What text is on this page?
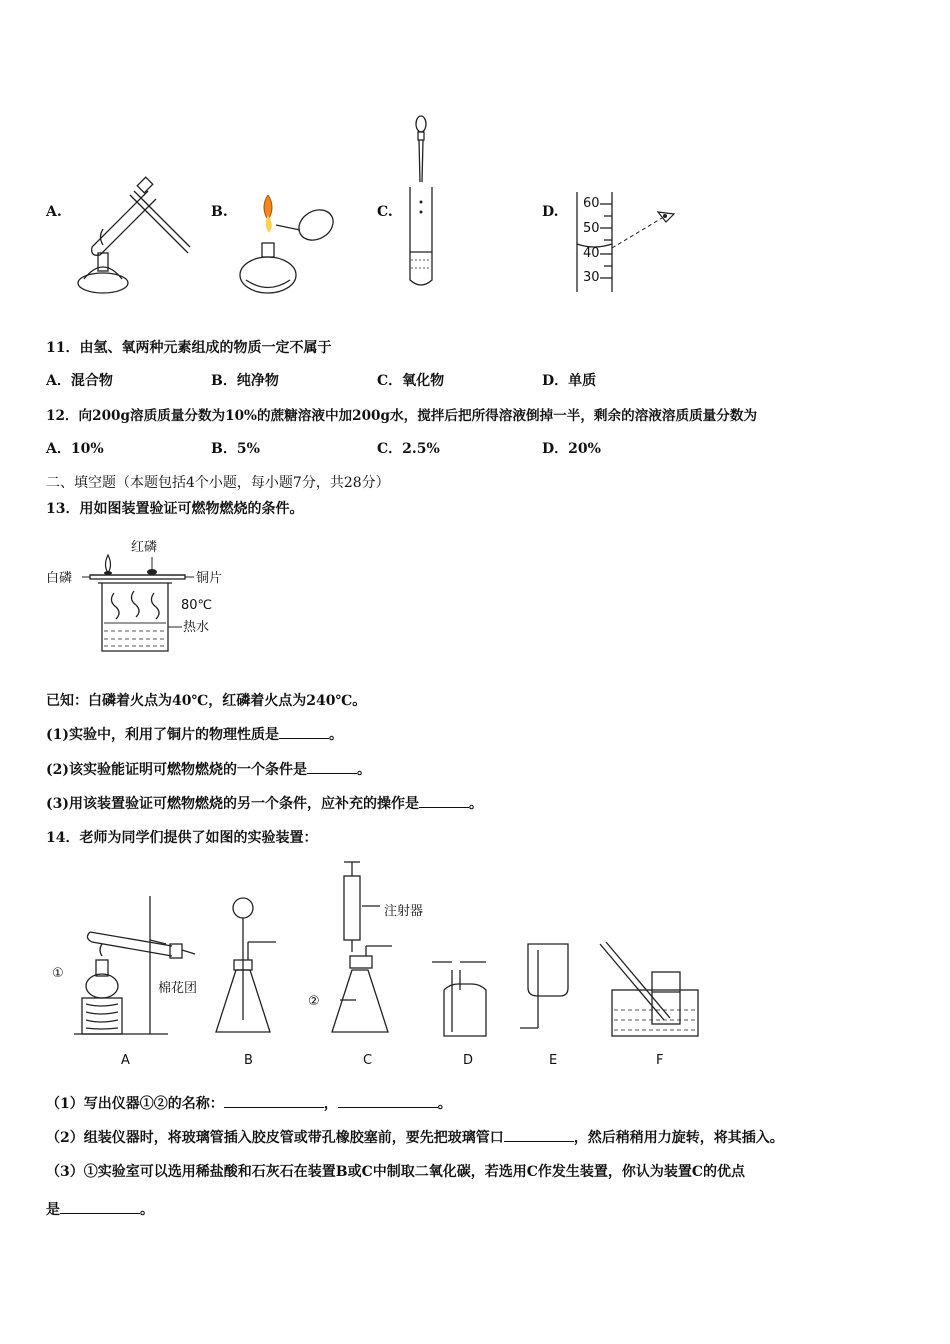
A.	B.	C.	D.
60
50
40
30
11．由氢、氧两种元素组成的物质一定不属于
A．混合物	B．纯净物	C．氧化物	D．单质
12．向200g溶质质量分数为10%的蔗糖溶液中加200g水，搅拌后把所得溶液倒掉一半，剩余的溶液溶质质量分数为
A．10%	B．5%	C．2.5%	D．20%
二、填空题（本题包括4个小题，每小题7分，共28分）
13．用如图装置验证可燃物燃烧的条件。
红磷
白磷	铜片
80℃
热水
已知：白磷着火点为40℃，红磷着火点为240℃。
(1)实验中，利用了铜片的物理性质是	。
(2)该实验能证明可燃物燃烧的一个条件是	。
(3)用该装置验证可燃物燃烧的另一个条件，应补充的操作是	。
14．老师为同学们提供了如图的实验装置：
注射器
棉花团
①
②
A	B	C	D	E	F
（1）写出仪器①②的名称：	，	。
（2）组装仪器时，将玻璃管插入胶皮管或带孔橡胶塞前，要先把玻璃管口	，然后稍稍用力旋转，将其插入。
（3）①实验室可以选用稀盐酸和石灰石在装置B或C中制取二氧化碳，若选用C作发生装置，你认为装置C的优点
是	。
